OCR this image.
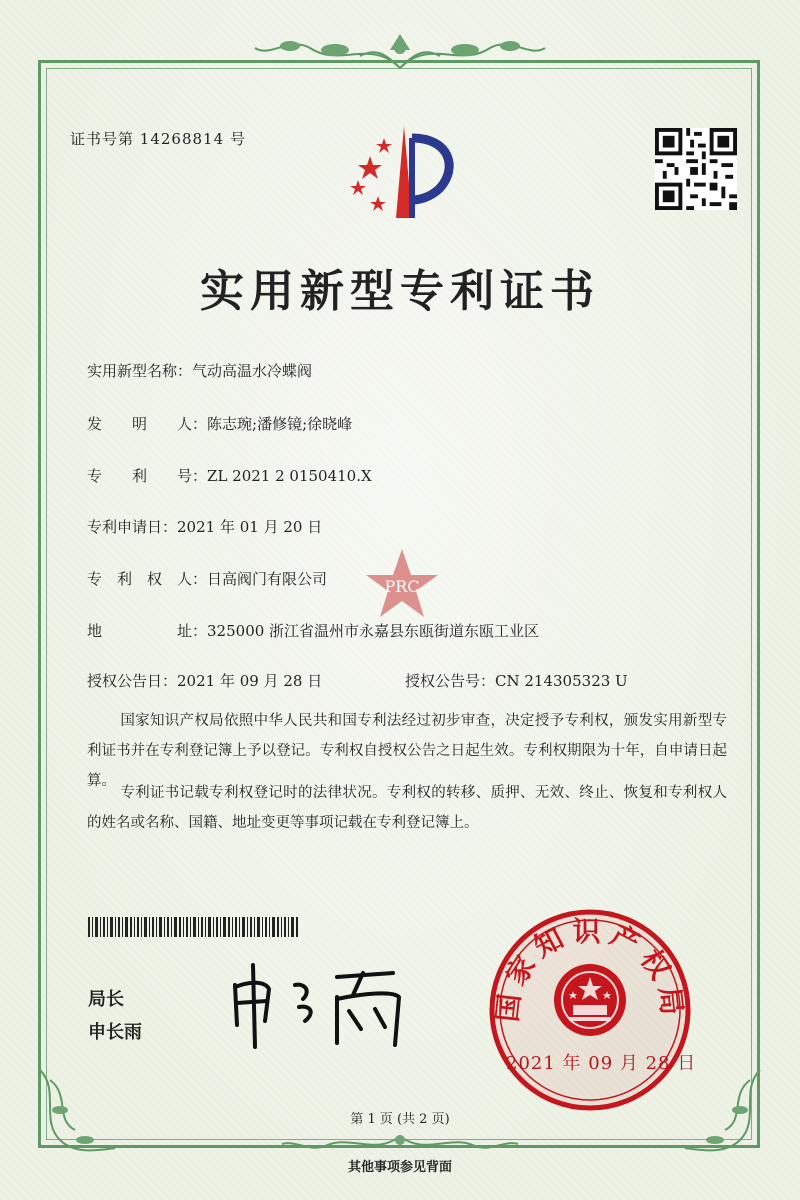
证书号第 14268814 号
实用新型专利证书
实用新型名称：气动高温水冷蝶阀
发　　明　　人：陈志琬;潘修镜;徐晓峰
专　　利　　号：ZL 2021 2 0150410.X
专利申请日：2021 年 01 月 20 日
专　利　权　人：日高阀门有限公司
地　　　　　址：325000 浙江省温州市永嘉县东瓯街道东瓯工业区
授权公告日：2021 年 09 月 28 日	授权公告号：CN 214305323 U
PRC
国家知识产权局依照中华人民共和国专利法经过初步审查，决定授予专利权，颁发实用新型专利证书并在专利登记簿上予以登记。专利权自授权公告之日起生效。专利权期限为十年，自申请日起算。
专利证书记载专利权登记时的法律状况。专利权的转移、质押、无效、终止、恢复和专利权人的姓名或名称、国籍、地址变更等事项记载在专利登记簿上。
局长
申长雨
国家知识产权局
2021 年 09 月 28 日
第 1 页 (共 2 页)
其他事项参见背面
